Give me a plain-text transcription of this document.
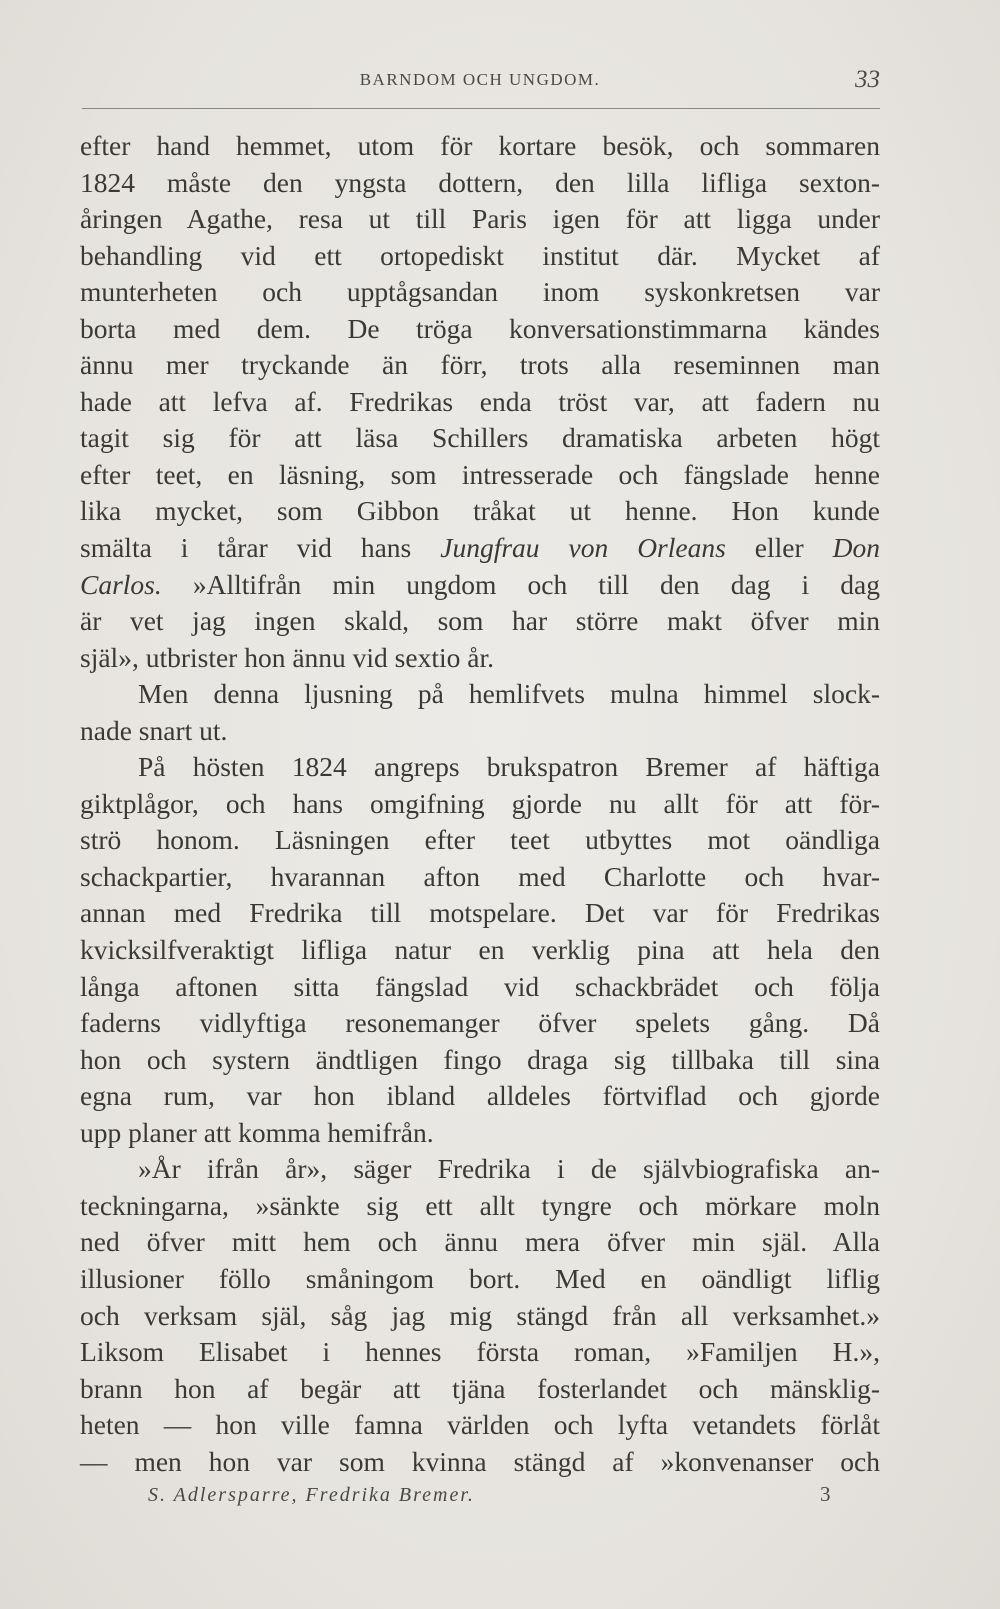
BARNDOM OCH UNGDOM.	33
efter hand hemmet, utom för kortare besök, och sommaren
1824 måste den yngsta dottern, den lilla lifliga sexton-
åringen Agathe, resa ut till Paris igen för att ligga under
behandling vid ett ortopediskt institut där. Mycket af
munterheten och upptågsandan inom syskonkretsen var
borta med dem. De tröga konversationstimmarna kändes
ännu mer tryckande än förr, trots alla reseminnen man
hade att lefva af. Fredrikas enda tröst var, att fadern nu
tagit sig för att läsa Schillers dramatiska arbeten högt
efter teet, en läsning, som intresserade och fängslade henne
lika mycket, som Gibbon tråkat ut henne. Hon kunde
smälta i tårar vid hans Jungfrau von Orleans eller Don
Carlos. »Alltifrån min ungdom och till den dag i dag
är vet jag ingen skald, som har större makt öfver min
själ», utbrister hon ännu vid sextio år.
Men denna ljusning på hemlifvets mulna himmel slock-
nade snart ut.
På hösten 1824 angreps brukspatron Bremer af häftiga
giktplågor, och hans omgifning gjorde nu allt för att för-
strö honom. Läsningen efter teet utbyttes mot oändliga
schackpartier, hvarannan afton med Charlotte och hvar-
annan med Fredrika till motspelare. Det var för Fredrikas
kvicksilfveraktigt lifliga natur en verklig pina att hela den
långa aftonen sitta fängslad vid schackbrädet och följa
faderns vidlyftiga resonemanger öfver spelets gång. Då
hon och systern ändtligen fingo draga sig tillbaka till sina
egna rum, var hon ibland alldeles förtviflad och gjorde
upp planer att komma hemifrån.
»År ifrån år», säger Fredrika i de självbiografiska an-
teckningarna, »sänkte sig ett allt tyngre och mörkare moln
ned öfver mitt hem och ännu mera öfver min själ. Alla
illusioner föllo småningom bort. Med en oändligt liflig
och verksam själ, såg jag mig stängd från all verksamhet.»
Liksom Elisabet i hennes första roman, »Familjen H.»,
brann hon af begär att tjäna fosterlandet och mänsklig-
heten — hon ville famna världen och lyfta vetandets förlåt
— men hon var som kvinna stängd af »konvenanser och
S. Adlersparre, Fredrika Bremer.	3
